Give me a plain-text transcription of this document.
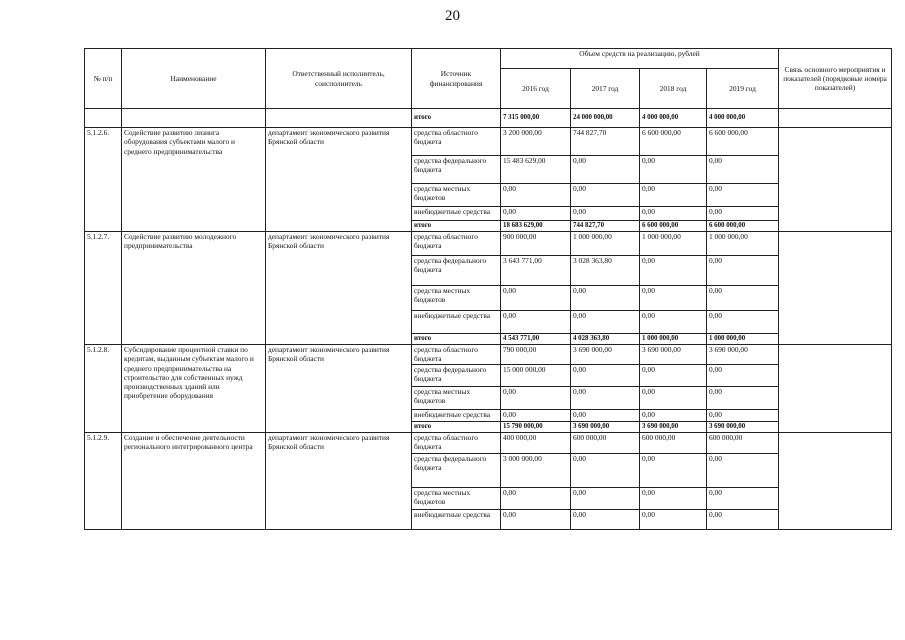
20
№ п/п	Наименование	Ответственный исполнитель, соисполнитель	Источник финансирования	Объем средств на реализацию, рублей				Связь основного мероприятия и показателей (порядковые номера показателей)
				2016 год	2017 год	2018 год	2019 год	
			итого	7 315 000,00	24 000 000,00	4 000 000,00	4 000 000,00	
5.1.2.6.	Содействие развитию лизинга оборудования субъектами малого и среднего предпринимательства	департамент экономического развития Брянской области	средства областного бюджета	3 200 000,00	744 827,70	6 600 000,00	6 600 000,00	
			средства федерального бюджета	15 483 629,00	0,00	0,00	0,00	
			средства местных бюджетов	0,00	0,00	0,00	0,00	
			внебюджетные средства	0,00	0,00	0,00	0,00	
			итого	18 683 629,00	744 827,70	6 600 000,00	6 600 000,00	
5.1.2.7.	Содействие развитию молодежного предпринимательства	департамент экономического развития Брянской области	средства областного бюджета	900 000,00	1 000 000,00	1 000 000,00	1 000 000,00	
			средства федерального бюджета	3 643 771,00	3 028 363,80	0,00	0,00	
			средства местных бюджетов	0,00	0,00	0,00	0,00	
			внебюджетные средства	0,00	0,00	0,00	0,00	
			итого	4 543 771,00	4 028 363,80	1 000 000,00	1 000 000,00	
5.1.2.8.	Субсидирование процентной ставки по кредитам, выданным субъектам малого и среднего предпринимательства на строительство для собственных нужд производственных зданий или приобретение оборудования	департамент экономического развития Брянской области	средства областного бюджета	790 000,00	3 690 000,00	3 690 000,00	3 690 000,00	
			средства федерального бюджета	15 000 000,00	0,00	0,00	0,00	
			средства местных бюджетов	0,00	0,00	0,00	0,00	
			внебюджетные средства	0,00	0,00	0,00	0,00	
			итого	15 790 000,00	3 690 000,00	3 690 000,00	3 690 000,00	
5.1.2.9.	Создание и обеспечение деятельности регионального интегрированного центра	департамент экономического развития Брянской области	средства областного бюджета	400 000,00	600 000,00	600 000,00	600 000,00	
			средства федерального бюджета	3 000 000,00	0,00	0,00	0,00	
			средства местных бюджетов	0,00	0,00	0,00	0,00	
			внебюджетные средства	0,00	0,00	0,00	0,00	
